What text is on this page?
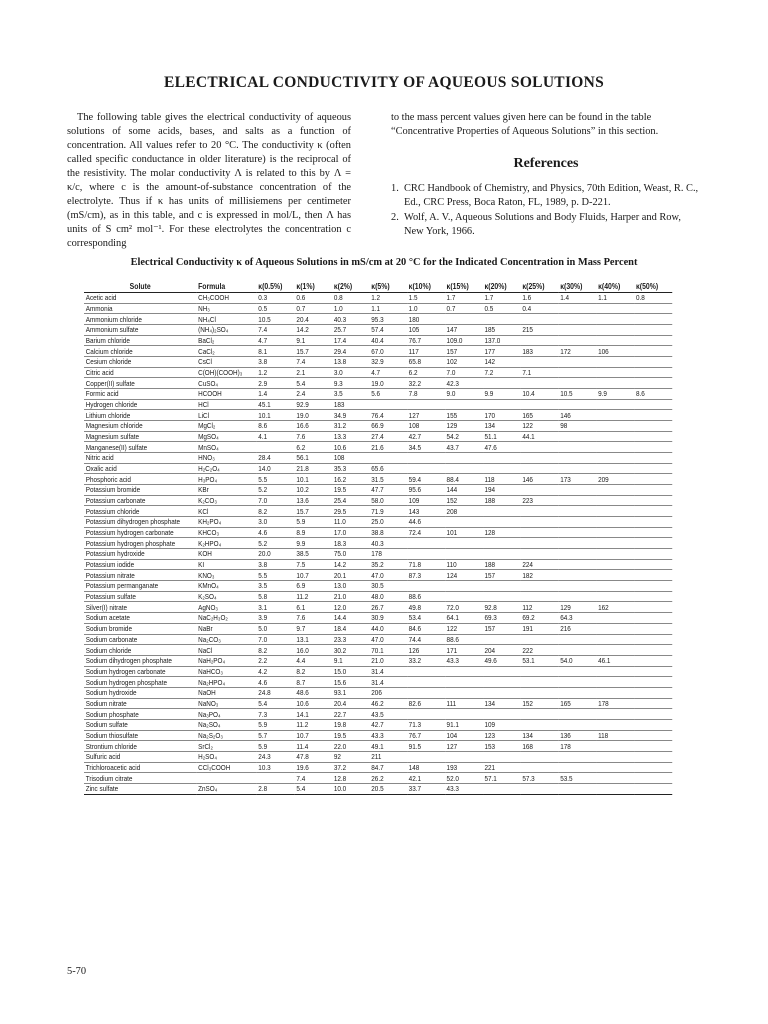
ELECTRICAL CONDUCTIVITY OF AQUEOUS SOLUTIONS

The following table gives the electrical conductivity of aqueous solutions of some acids, bases, and salts as a function of concentration. All values refer to 20 °C. The conductivity κ (often called specific conductance in older literature) is the reciprocal of the resistivity. The molar conductivity Λ is related to this by Λ = κ/c, where c is the amount-of-substance concentration of the electrolyte. Thus if κ has units of millisiemens per centimeter (mS/cm), as in this table, and c is expressed in mol/L, then Λ has units of S cm² mol⁻¹. For these electrolytes the concentration c corresponding

to the mass percent values given here can be found in the table “Concentrative Properties of Aqueous Solutions” in this section.

References
1. CRC Handbook of Chemistry, and Physics, 70th Edition, Weast, R. C., Ed., CRC Press, Boca Raton, FL, 1989, p. D-221.
2. Wolf, A. V., Aqueous Solutions and Body Fluids, Harper and Row, New York, 1966.
Electrical Conductivity κ of Aqueous Solutions in mS/cm at 20 °C for the Indicated Concentration in Mass Percent
Solute	Formula	κ(0.5%)	κ(1%)	κ(2%)	κ(5%)	κ(10%)	κ(15%)	κ(20%)	κ(25%)	κ(30%)	κ(40%)	κ(50%)
Acetic acid	CH₃COOH	0.3	0.6	0.8	1.2	1.5	1.7	1.7	1.6	1.4	1.1	0.8
Ammonia	NH₃	0.5	0.7	1.0	1.1	1.0	0.7	0.5	0.4			
Ammonium chloride	NH₄Cl	10.5	20.4	40.3	95.3	180						
Ammonium sulfate	(NH₄)₂SO₄	7.4	14.2	25.7	57.4	105	147	185	215			
Barium chloride	BaCl₂	4.7	9.1	17.4	40.4	76.7	109.0	137.0				
Calcium chloride	CaCl₂	8.1	15.7	29.4	67.0	117	157	177	183	172	106	
Cesium chloride	CsCl	3.8	7.4	13.8	32.9	65.8	102	142				
Citric acid	C(OH)(COOH)₃	1.2	2.1	3.0	4.7	6.2	7.0	7.2	7.1			
Copper(II) sulfate	CuSO₄	2.9	5.4	9.3	19.0	32.2	42.3					
Formic acid	HCOOH	1.4	2.4	3.5	5.6	7.8	9.0	9.9	10.4	10.5	9.9	8.6
Hydrogen chloride	HCl	45.1	92.9	183								
Lithium chloride	LiCl	10.1	19.0	34.9	76.4	127	155	170	165	146		
Magnesium chloride	MgCl₂	8.6	16.6	31.2	66.9	108	129	134	122	98		
Magnesium sulfate	MgSO₄	4.1	7.6	13.3	27.4	42.7	54.2	51.1	44.1			
Manganese(II) sulfate	MnSO₄		6.2	10.6	21.6	34.5	43.7	47.6				
Nitric acid	HNO₃	28.4	56.1	108								
Oxalic acid	H₂C₂O₄	14.0	21.8	35.3	65.6							
Phosphoric acid	H₃PO₄	5.5	10.1	16.2	31.5	59.4	88.4	118	146	173	209	
Potassium bromide	KBr	5.2	10.2	19.5	47.7	95.6	144	194				
Potassium carbonate	K₂CO₃	7.0	13.6	25.4	58.0	109	152	188	223			
Potassium chloride	KCl	8.2	15.7	29.5	71.9	143	208					
Potassium dihydrogen phosphate	KH₂PO₄	3.0	5.9	11.0	25.0	44.6						
Potassium hydrogen carbonate	KHCO₃	4.6	8.9	17.0	38.8	72.4	101	128				
Potassium hydrogen phosphate	K₂HPO₄	5.2	9.9	18.3	40.3							
Potassium hydroxide	KOH	20.0	38.5	75.0	178							
Potassium iodide	KI	3.8	7.5	14.2	35.2	71.8	110	188	224			
Potassium nitrate	KNO₃	5.5	10.7	20.1	47.0	87.3	124	157	182			
Potassium permanganate	KMnO₄	3.5	6.9	13.0	30.5							
Potassium sulfate	K₂SO₄	5.8	11.2	21.0	48.0	88.6						
Silver(I) nitrate	AgNO₃	3.1	6.1	12.0	26.7	49.8	72.0	92.8	112	129	162	
Sodium acetate	NaC₂H₃O₂	3.9	7.6	14.4	30.9	53.4	64.1	69.3	69.2	64.3		
Sodium bromide	NaBr	5.0	9.7	18.4	44.0	84.6	122	157	191	216		
Sodium carbonate	Na₂CO₃	7.0	13.1	23.3	47.0	74.4	88.6					
Sodium chloride	NaCl	8.2	16.0	30.2	70.1	126	171	204	222			
Sodium dihydrogen phosphate	NaH₂PO₄	2.2	4.4	9.1	21.0	33.2	43.3	49.6	53.1	54.0	46.1	
Sodium hydrogen carbonate	NaHCO₃	4.2	8.2	15.0	31.4							
Sodium hydrogen phosphate	Na₂HPO₄	4.6	8.7	15.6	31.4							
Sodium hydroxide	NaOH	24.8	48.6	93.1	206							
Sodium nitrate	NaNO₃	5.4	10.6	20.4	46.2	82.6	111	134	152	165	178	
Sodium phosphate	Na₃PO₄	7.3	14.1	22.7	43.5							
Sodium sulfate	Na₂SO₄	5.9	11.2	19.8	42.7	71.3	91.1	109				
Sodium thiosulfate	Na₂S₂O₃	5.7	10.7	19.5	43.3	76.7	104	123	134	136	118	
Strontium chloride	SrCl₂	5.9	11.4	22.0	49.1	91.5	127	153	168	178		
Sulfuric acid	H₂SO₄	24.3	47.8	92	211							
Trichloroacetic acid	CCl₃COOH	10.3	19.6	37.2	84.7	148	193	221				
Trisodium citrate			7.4	12.8	26.2	42.1	52.0	57.1	57.3	53.5		
Zinc sulfate	ZnSO₄	2.8	5.4	10.0	20.5	33.7	43.3					
5-70
